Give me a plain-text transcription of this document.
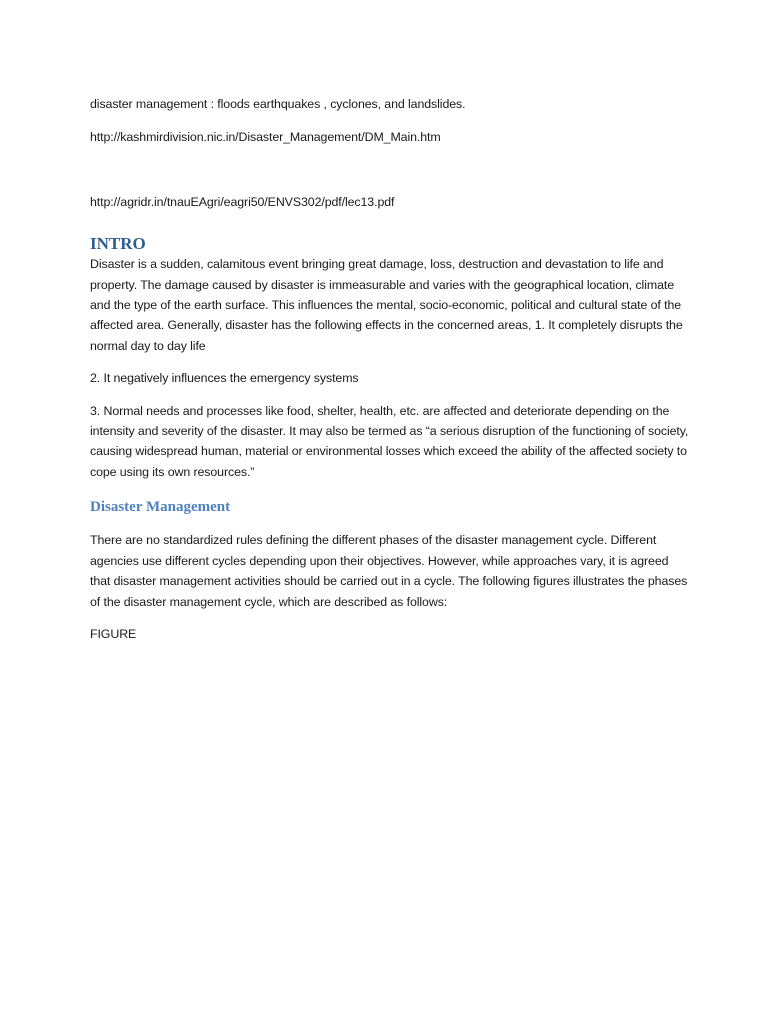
disaster management : floods earthquakes , cyclones, and landslides.

http://kashmirdivision.nic.in/Disaster_Management/DM_Main.htm

http://agridr.in/tnauEAgri/eagri50/ENVS302/pdf/lec13.pdf

INTRO

Disaster is a sudden, calamitous event bringing great damage, loss, destruction and devastation to life and property. The damage caused by disaster is immeasurable and varies with the geographical location, climate and the type of the earth surface. This influences the mental, socio-economic, political and cultural state of the affected area. Generally, disaster has the following effects in the concerned areas, 1. It completely disrupts the normal day to day life

2. It negatively influences the emergency systems

3. Normal needs and processes like food, shelter, health, etc. are affected and deteriorate depending on the intensity and severity of the disaster. It may also be termed as “a serious disruption of the functioning of society, causing widespread human, material or environmental losses which exceed the ability of the affected society to cope using its own resources.”

Disaster Management

There are no standardized rules defining the different phases of the disaster management cycle. Different agencies use different cycles depending upon their objectives. However, while approaches vary, it is agreed that disaster management activities should be carried out in a cycle. The following figures illustrates the phases of the disaster management cycle, which are described as follows:

FIGURE
